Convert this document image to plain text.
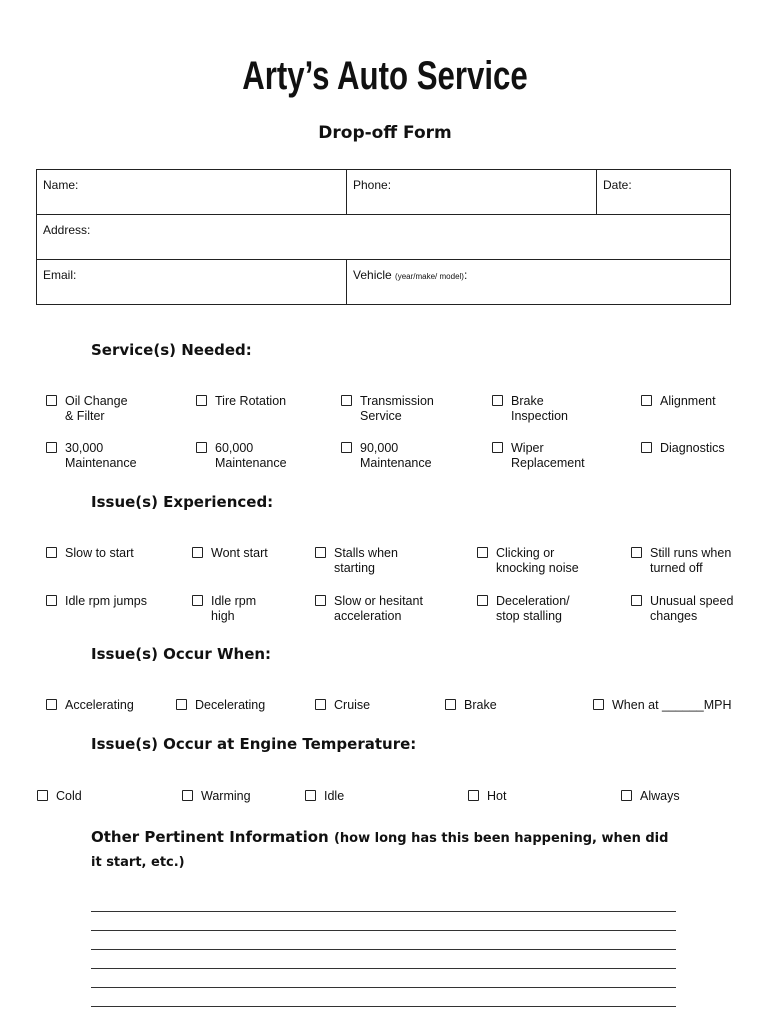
Arty’s Auto Service
Drop-off Form
Name:	Phone:	Date:
Address:		
Email:	Vehicle (year/make/ model):	
Service(s) Needed:
Oil Change
& Filter
Tire Rotation	Transmission
Service
Brake
Inspection
Alignment
30,000
Maintenance
60,000
Maintenance
90,000
Maintenance
Wiper
Replacement
Diagnostics
Issue(s) Experienced:
Slow to start	Wont start	Stalls when
starting
Clicking or
knocking noise
Still runs when
turned off
Idle rpm jumps	Idle rpm
high
Slow or hesitant
acceleration
Deceleration/
stop stalling
Unusual speed
changes
Issue(s) Occur When:
Accelerating	Decelerating	Cruise	Brake	When at ______MPH
Issue(s) Occur at Engine Temperature:
Cold	Warming	Idle	Hot	Always
Other Pertinent Information (how long has this been happening, when did it start, etc.)
